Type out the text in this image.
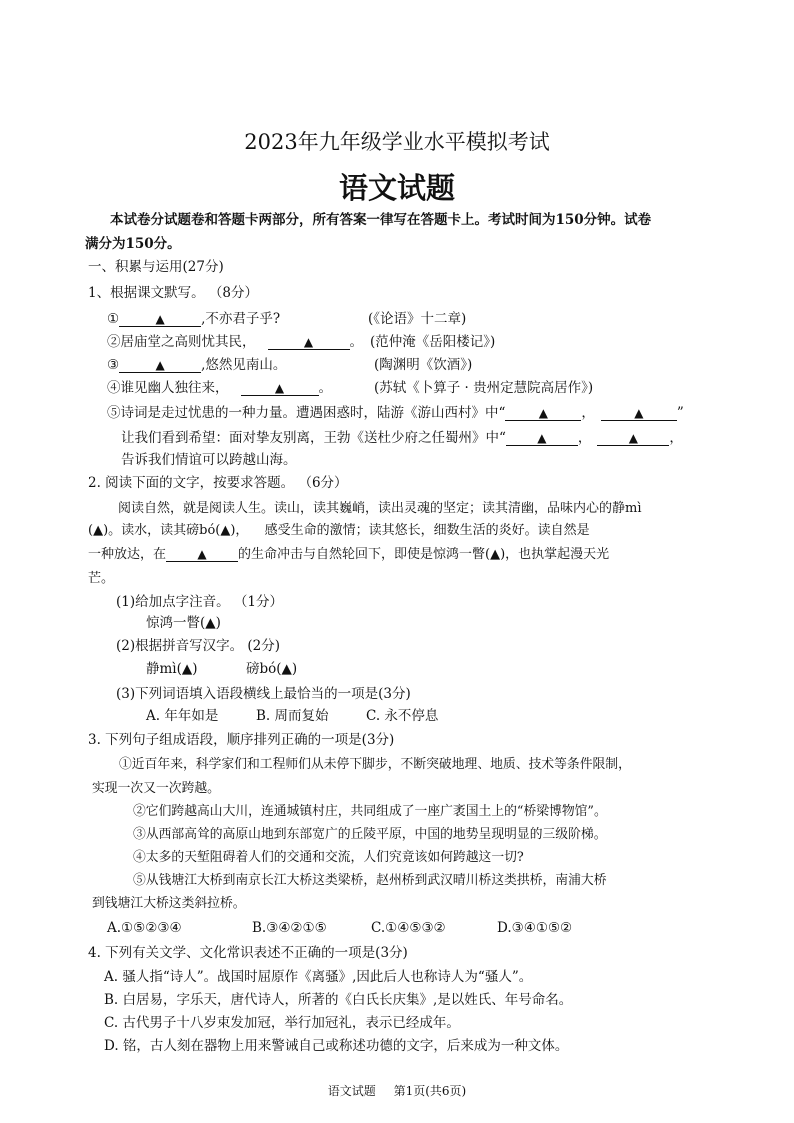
2023年九年级学业水平模拟考试
语文试题
本试卷分试题卷和答题卡两部分，所有答案一律写在答题卡上。考试时间为150分钟。试卷
满分为150分。
一、积累与运用(27分)
1、根据课文默写。 （8分）
①	▲	,不亦君子乎?	(《论语》十二章)
②居庙堂之高则忧其民，	▲	。 (范仲淹《岳阳楼记》)
③	▲	,悠然见南山。	(陶渊明《饮酒》)
④谁见幽人独往来，	▲	。	(苏轼《卜算子 · 贵州定慧院高居作》)
⑤诗词是走过忧患的一种力量。遭遇困惑时，陆游《游山西村》中“	▲ ，	▲ ”
让我们看到希望：面对挚友别离，王勃《送杜少府之任蜀州》中“	▲ ，	▲ ，
告诉我们情谊可以跨越山海。
2. 阅读下面的文字，按要求答题。 （6分）
阅读自然，就是阅读人生。读山，读其巍峭，读出灵魂的坚定；读其清幽，品味内心的静mì
(▲)。读水，读其磅bó(▲)， 感受生命的激情；读其悠长，细数生活的炎好。读自然是
一种放达，在	▲ 的生命冲击与自然轮回下，即使是惊鸿一瞥(▲)，也执掌起漫天光
芒。
(1)给加点字注音。 （1分）
惊鸿一瞥(▲)
(2)根据拼音写汉字。 (2分)
静mì(▲)	磅bó(▲)
(3)下列词语填入语段横线上最恰当的一项是(3分)
A. 年年如是	B. 周而复始	C. 永不停息
3. 下列句子组成语段，顺序排列正确的一项是(3分)
①近百年来，科学家们和工程师们从未停下脚步，不断突破地理、地质、技术等条件限制，
实现一次又一次跨越。
②它们跨越高山大川，连通城镇村庄，共同组成了一座广袤国土上的“桥梁博物馆”。
③从西部高耸的高原山地到东部宽广的丘陵平原，中国的地势呈现明显的三级阶梯。
④太多的天堑阻碍着人们的交通和交流，人们究竟该如何跨越这一切?
⑤从钱塘江大桥到南京长江大桥这类梁桥，赵州桥到武汉晴川桥这类拱桥，南浦大桥
到钱塘江大桥这类斜拉桥。
A.①⑤②③④	B.③④②①⑤	C.①④⑤③②	D.③④①⑤②
4. 下列有关文学、文化常识表述不正确的一项是(3分)
A. 骚人指“诗人”。战国时屈原作《离骚》,因此后人也称诗人为“骚人”。
B. 白居易，字乐天，唐代诗人，所著的《白氏长庆集》,是以姓氏、年号命名。
C. 古代男子十八岁束发加冠，举行加冠礼，表示已经成年。
D. 铭，古人刻在器物上用来警诫自己或称述功德的文字，后来成为一种文体。
语文试题 第1页(共6页)
